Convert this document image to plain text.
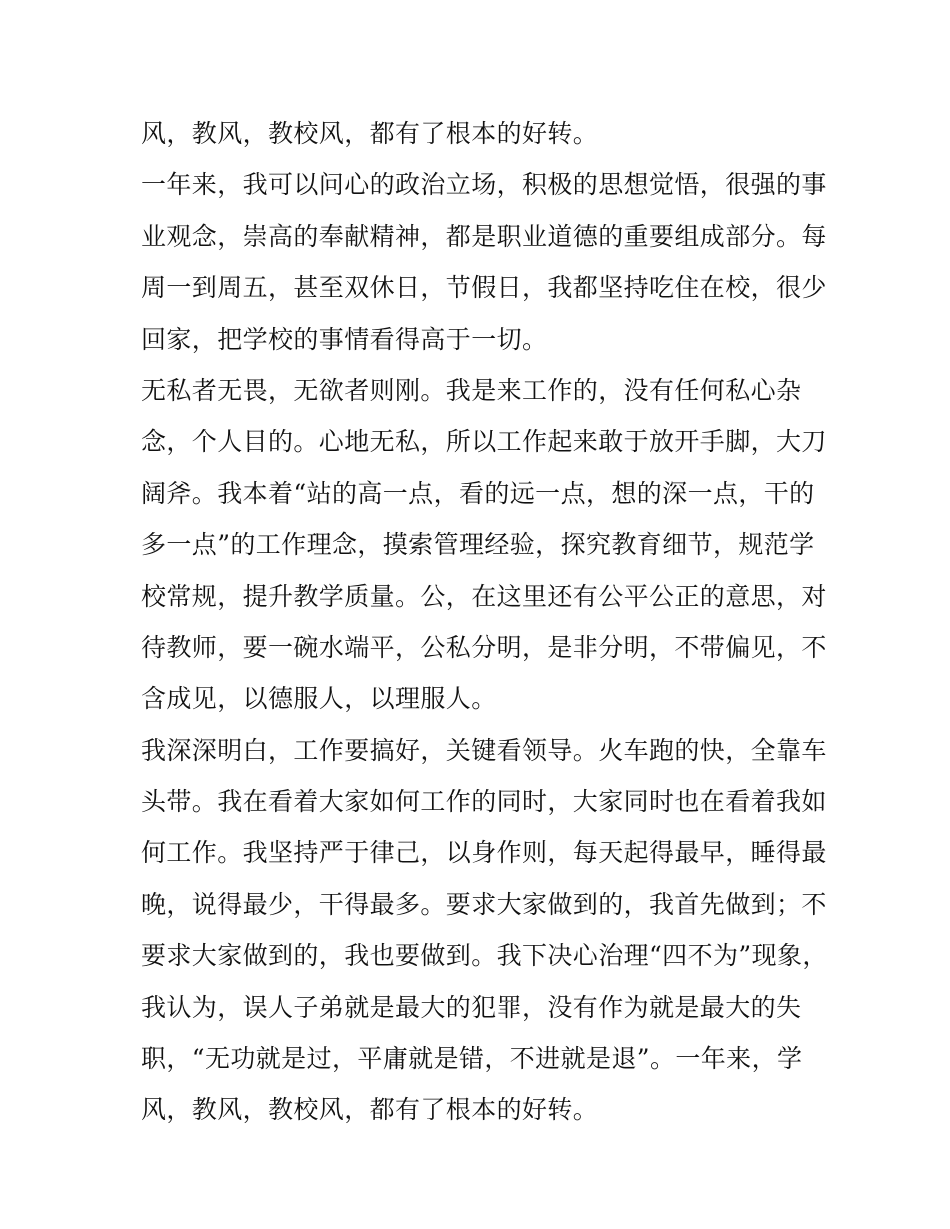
风，教风，教校风，都有了根本的好转。
一年来，我可以问心的政治立场，积极的思想觉悟，很强的事
业观念，崇高的奉献精神，都是职业道德的重要组成部分。每
周一到周五，甚至双休日，节假日，我都坚持吃住在校，很少
回家，把学校的事情看得高于一切。
无私者无畏，无欲者则刚。我是来工作的，没有任何私心杂
念，个人目的。心地无私，所以工作起来敢于放开手脚，大刀
阔斧。我本着“站的高一点，看的远一点，想的深一点，干的
多一点”的工作理念，摸索管理经验，探究教育细节，规范学
校常规，提升教学质量。公，在这里还有公平公正的意思，对
待教师，要一碗水端平，公私分明，是非分明，不带偏见，不
含成见，以德服人，以理服人。
我深深明白，工作要搞好，关键看领导。火车跑的快，全靠车
头带。我在看着大家如何工作的同时，大家同时也在看着我如
何工作。我坚持严于律己，以身作则，每天起得最早，睡得最
晚，说得最少，干得最多。要求大家做到的，我首先做到；不
要求大家做到的，我也要做到。我下决心治理“四不为”现象，
我认为，误人子弟就是最大的犯罪，没有作为就是最大的失
职，“无功就是过，平庸就是错，不进就是退”。一年来，学
风，教风，教校风，都有了根本的好转。
